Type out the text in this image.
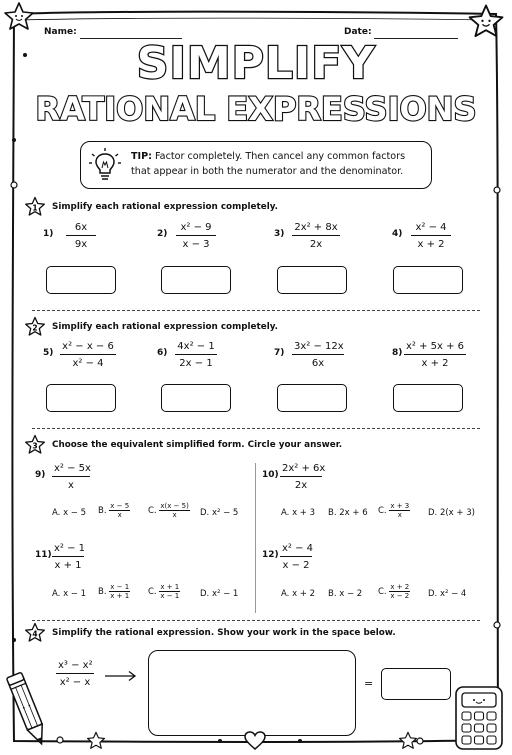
Name:	Date:
SIMPLIFY
RATIONAL EXPRESSIONS
TIP: Factor completely. Then cancel any common factors that appear in both the numerator and the denominator.
1 Simplify each rational expression completely.
$1) \frac{6x}{9x}$	$2) \frac{\text{x² − 9}}{x - 3}$	$3) \frac{\text{2x² + 8x}}{2x}$	$4) \frac{\text{x² − 4}}{x + 2}$
2 Simplify each rational expression completely.
$5) \frac{\text{x² − x − 6}}{\text{x² − 4}}$	$6) \frac{\text{4x² − 1}}{2x - 1}$	$7) \frac{\text{3x² − 12x}}{6x}$	$8) \frac{\text{x² + 5x + 6}}{x + 2}$
3 Choose the equivalent simplified form. Circle your answer.
$9) \frac{\text{x² − 5x}}{x}$
A. x − 5 B. $\frac{x - 5}{x} C$. $\frac{x(x - 5)}{x} D$. x² − 5
$10) \frac{\text{2x² + 6x}}{2x}$
A. x + 3 B. 2x + 6 C. $\frac{x + 3}{x} D$. 2(x + 3)
$11) \frac{\text{x² − 1}}{x + 1}$
A. x − 1 B. $\frac{x - 1}{x + 1} C$. $\frac{x + 1}{x - 1} D$. x² − 1
$12) \frac{\text{x² − 4}}{x - 2}$
A. x + 2 B. x − 2 C. $\frac{x + 2}{x - 2} D$. x² − 4
4 Simplify the rational expression. Show your work in the space below.
$\frac{\text{x³ − x²}}{\text{x² − x}}$	=
